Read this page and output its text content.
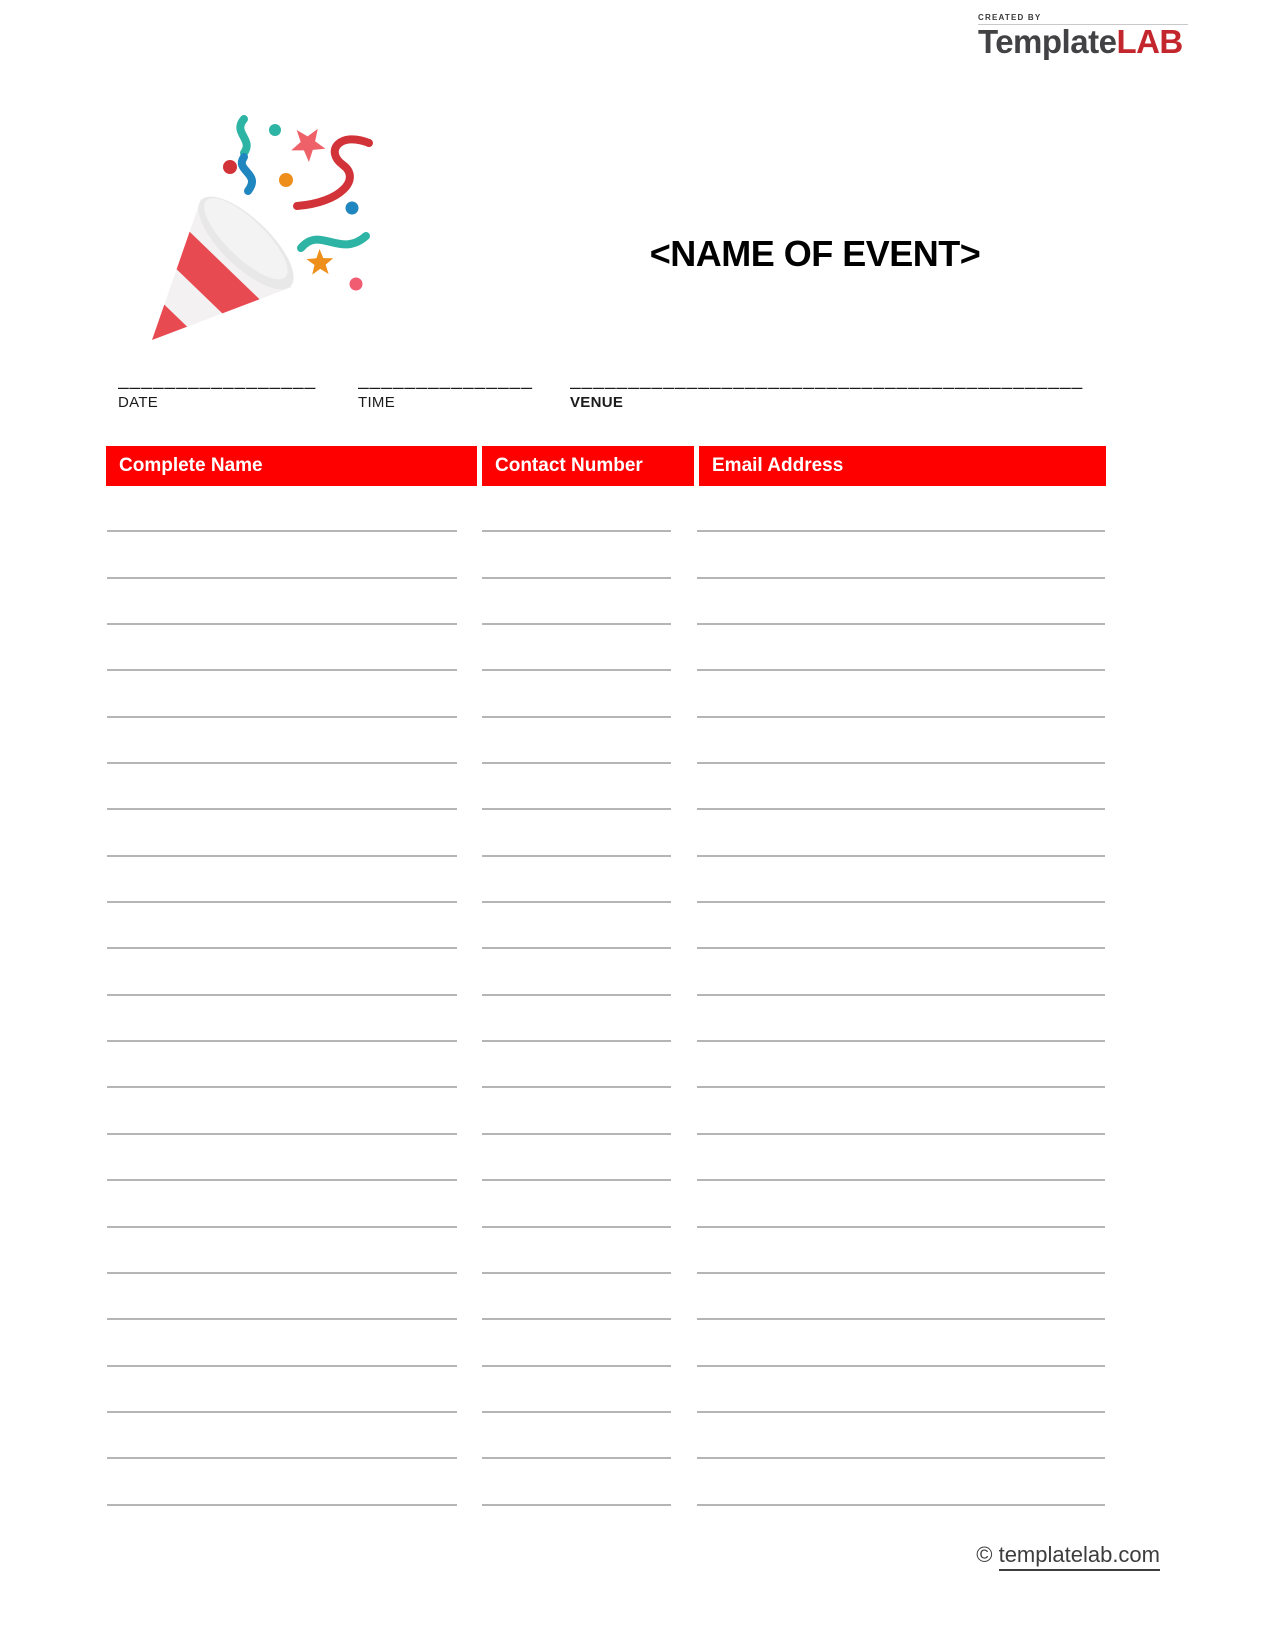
CREATED BY
TemplateLAB
<NAME OF EVENT>
_________________
DATE
_______________
TIME
____________________________________________
VENUE
Complete Name	Contact Number	Email Address
© templatelab.com
